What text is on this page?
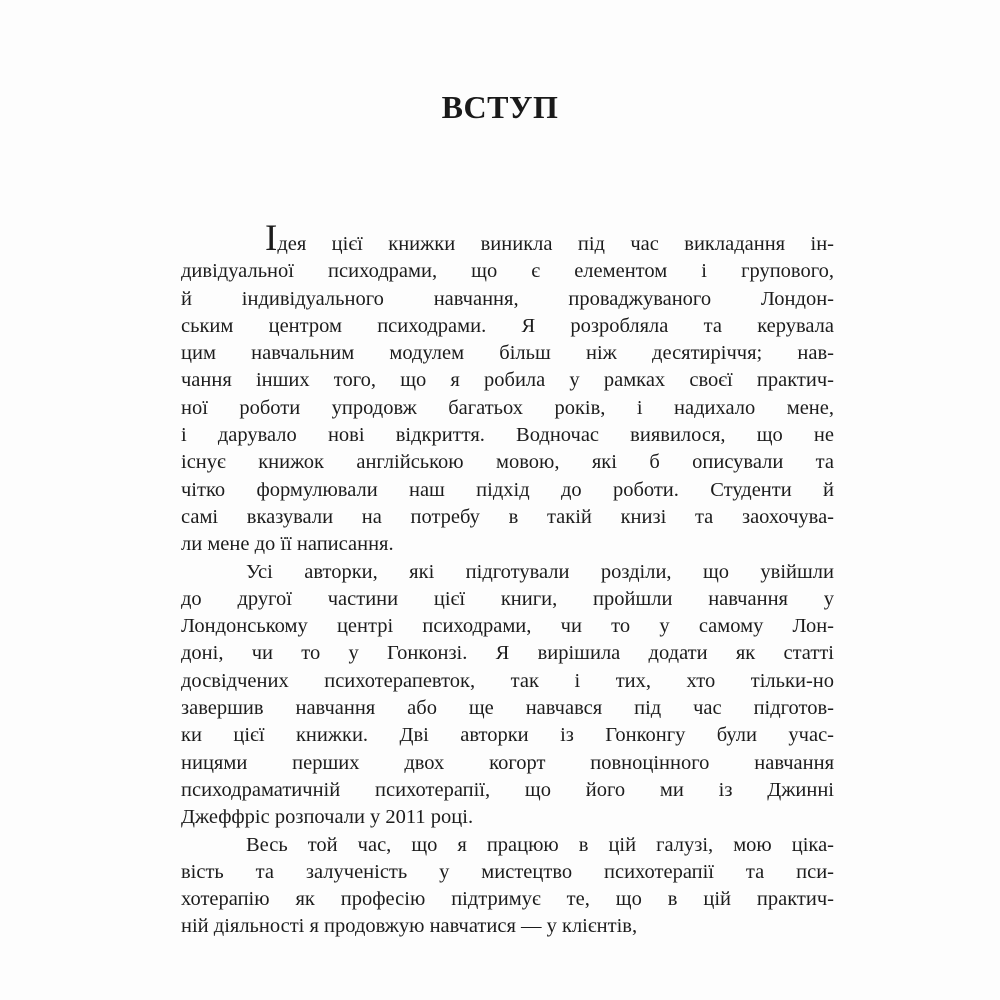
ВСТУП
Ідея цієї книжки виникла під час викладання ін-
дивідуальної психодрами, що є елементом і групового,
й індивідуального навчання, проваджуваного Лондон-
ським центром психодрами. Я розробляла та керувала
цим навчальним модулем більш ніж десятиріччя; нав-
чання інших того, що я робила у рамках своєї практич-
ної роботи упродовж багатьох років, і надихало мене,
і дарувало нові відкриття. Водночас виявилося, що не
існує книжок англійською мовою, які б описували та
чітко формулювали наш підхід до роботи. Студенти й
самі вказували на потребу в такій книзі та заохочува-
ли мене до її написання.
Усі авторки, які підготували розділи, що увійшли
до другої частини цієї книги, пройшли навчання у
Лондонському центрі психодрами, чи то у самому Лон-
доні, чи то у Гонконзі. Я вирішила додати як статті
досвідчених психотерапевток, так і тих, хто тільки-но
завершив навчання або ще навчався під час підготов-
ки цієї книжки. Дві авторки із Гонконгу були учас-
ницями перших двох когорт повноцінного навчання
психодраматичній психотерапії, що його ми із Джинні
Джеффріс розпочали у 2011 році.
Весь той час, що я працюю в цій галузі, мою ціка-
вість та залученість у мистецтво психотерапії та пси-
хотерапію як професію підтримує те, що в цій практич-
ній діяльності я продовжую навчатися — у клієнтів,
